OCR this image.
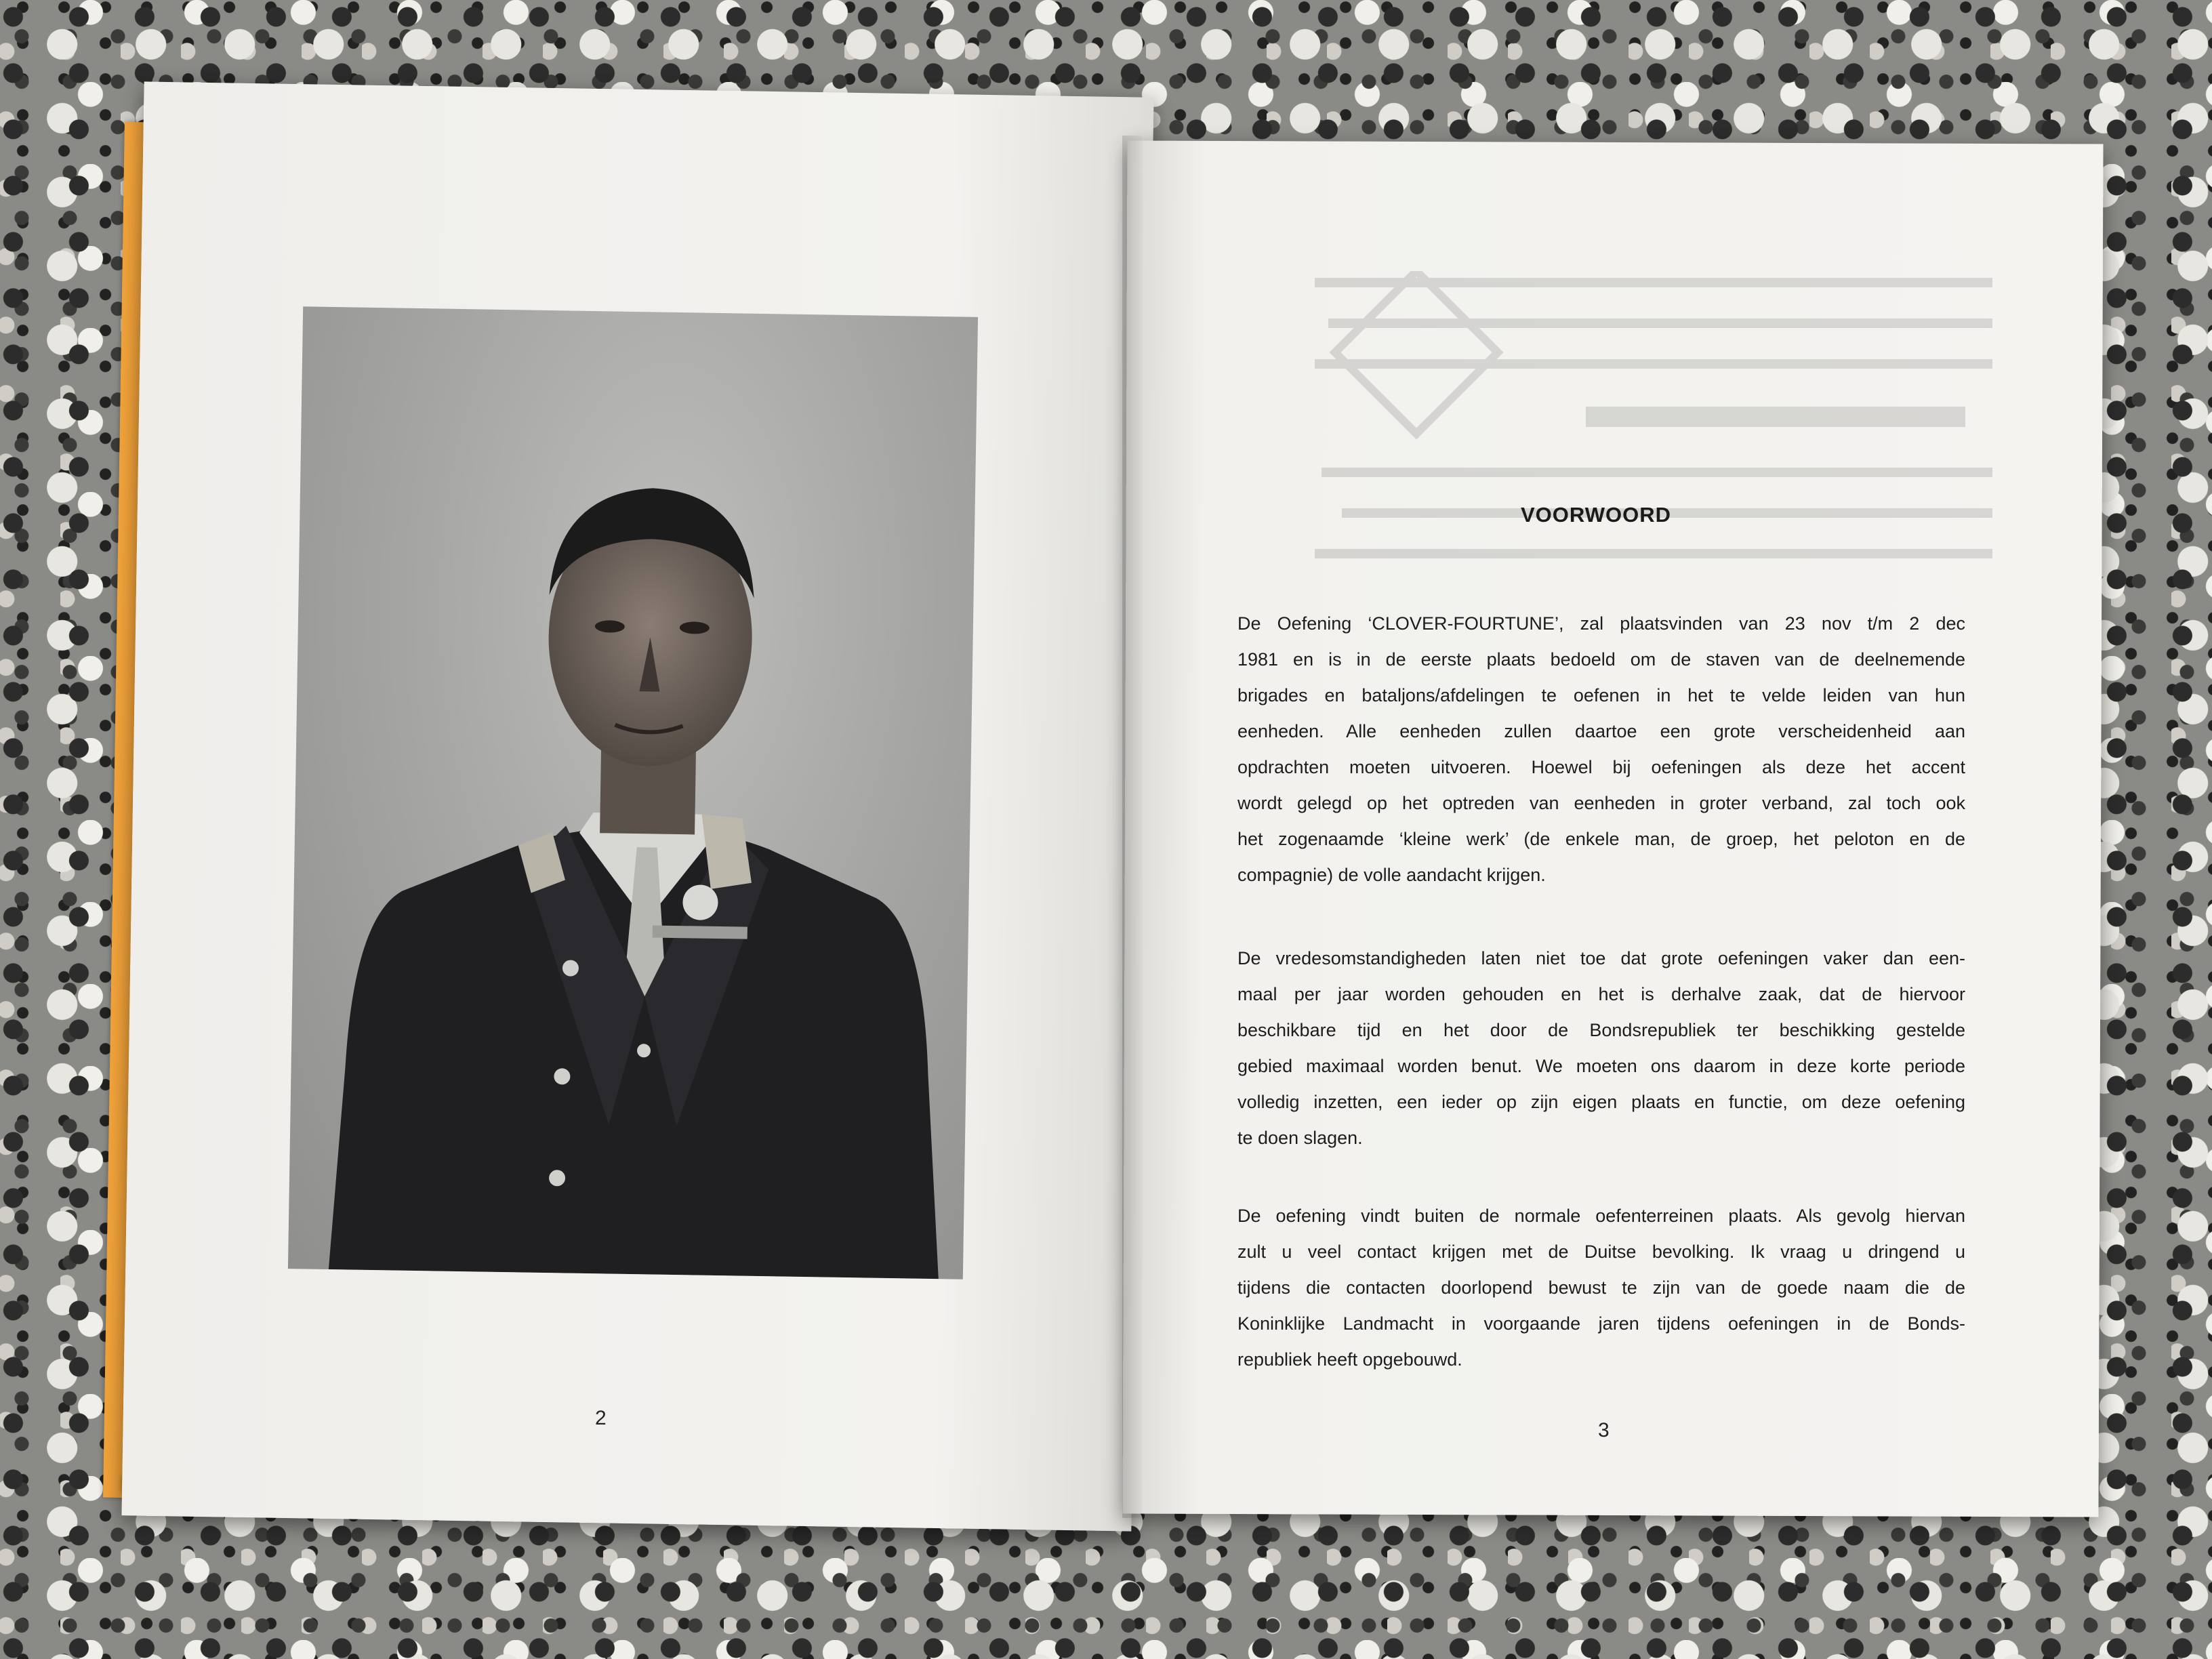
2
VOORWOORD
De Oefening ‘CLOVER-FOURTUNE’, zal plaatsvinden van 23 nov t/m 2 dec
1981 en is in de eerste plaats bedoeld om de staven van de deelnemende
brigades en bataljons/afdelingen te oefenen in het te velde leiden van hun
eenheden. Alle eenheden zullen daartoe een grote verscheidenheid aan
opdrachten moeten uitvoeren. Hoewel bij oefeningen als deze het accent
wordt gelegd op het optreden van eenheden in groter verband, zal toch ook
het zogenaamde ‘kleine werk’ (de enkele man, de groep, het peloton en de
compagnie) de volle aandacht krijgen.
De vredesomstandigheden laten niet toe dat grote oefeningen vaker dan een-
maal per jaar worden gehouden en het is derhalve zaak, dat de hiervoor
beschikbare tijd en het door de Bondsrepubliek ter beschikking gestelde
gebied maximaal worden benut. We moeten ons daarom in deze korte periode
volledig inzetten, een ieder op zijn eigen plaats en functie, om deze oefening
te doen slagen.
De oefening vindt buiten de normale oefenterreinen plaats. Als gevolg hiervan
zult u veel contact krijgen met de Duitse bevolking. Ik vraag u dringend u
tijdens die contacten doorlopend bewust te zijn van de goede naam die de
Koninklijke Landmacht in voorgaande jaren tijdens oefeningen in de Bonds-
republiek heeft opgebouwd.
3
